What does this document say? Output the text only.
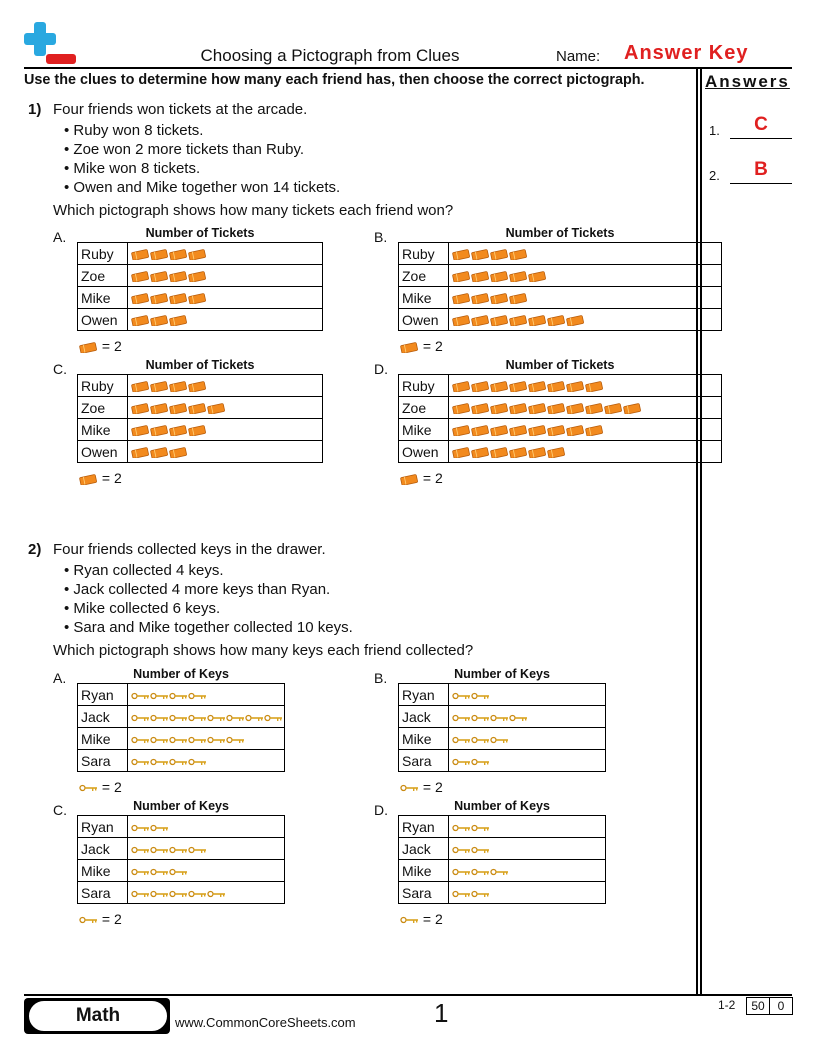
Choosing a Pictograph from Clues	Name: Answer Key
Use the clues to determine how many each friend has, then choose the correct pictograph.	Answers
1.	C
2.	B
1) Four friends won tickets at the arcade.
• Ruby won 8 tickets.
• Zoe won 2 more tickets than Ruby.
• Mike won 8 tickets.
• Owen and Mike together won 14 tickets.
Which pictograph shows how many tickets each friend won?
A.	Number of Tickets
Ruby	
Zoe	
Mike	
Owen	
= 2
B.	Number of Tickets
Ruby	
Zoe	
Mike	
Owen	
= 2
C.	Number of Tickets
Ruby	
Zoe	
Mike	
Owen	
= 2
D.	Number of Tickets
Ruby	
Zoe	
Mike	
Owen	
= 2
2) Four friends collected keys in the drawer.
• Ryan collected 4 keys.
• Jack collected 4 more keys than Ryan.
• Mike collected 6 keys.
• Sara and Mike together collected 10 keys.
Which pictograph shows how many keys each friend collected?
A.	Number of Keys
Ryan	
Jack	
Mike	
Sara	
= 2
B.	Number of Keys
Ryan	
Jack	
Mike	
Sara	
= 2
C.	Number of Keys
Ryan	
Jack	
Mike	
Sara	
= 2
D.	Number of Keys
Ryan	
Jack	
Mike	
Sara	
= 2
Math	www.CommonCoreSheets.com	1	1-2	50	0
